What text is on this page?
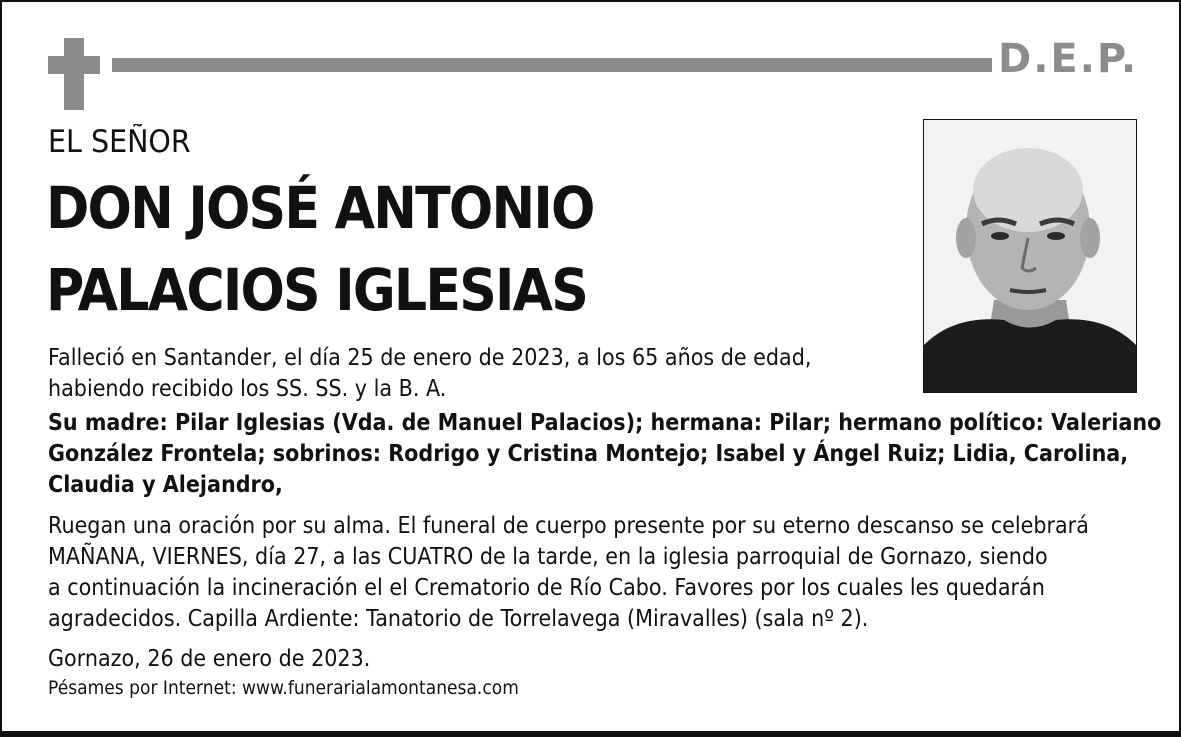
D.E.P.
EL SEÑOR
DON JOSÉ ANTONIO
PALACIOS IGLESIAS
Falleció en Santander, el día 25 de enero de 2023, a los 65 años de edad,
habiendo recibido los SS. SS. y la B. A.
Su madre: Pilar Iglesias (Vda. de Manuel Palacios); hermana: Pilar; hermano político: Valeriano
González Frontela; sobrinos: Rodrigo y Cristina Montejo; Isabel y Ángel Ruiz; Lidia, Carolina,
Claudia y Alejandro,
Ruegan una oración por su alma. El funeral de cuerpo presente por su eterno descanso se celebrará
MAÑANA, VIERNES, día 27, a las CUATRO de la tarde, en la iglesia parroquial de Gornazo, siendo
a continuación la incineración el el Crematorio de Río Cabo. Favores por los cuales les quedarán
agradecidos. Capilla Ardiente: Tanatorio de Torrelavega (Miravalles) (sala nº 2).
Gornazo, 26 de enero de 2023.
Pésames por Internet: www.funerarialamontanesa.com
